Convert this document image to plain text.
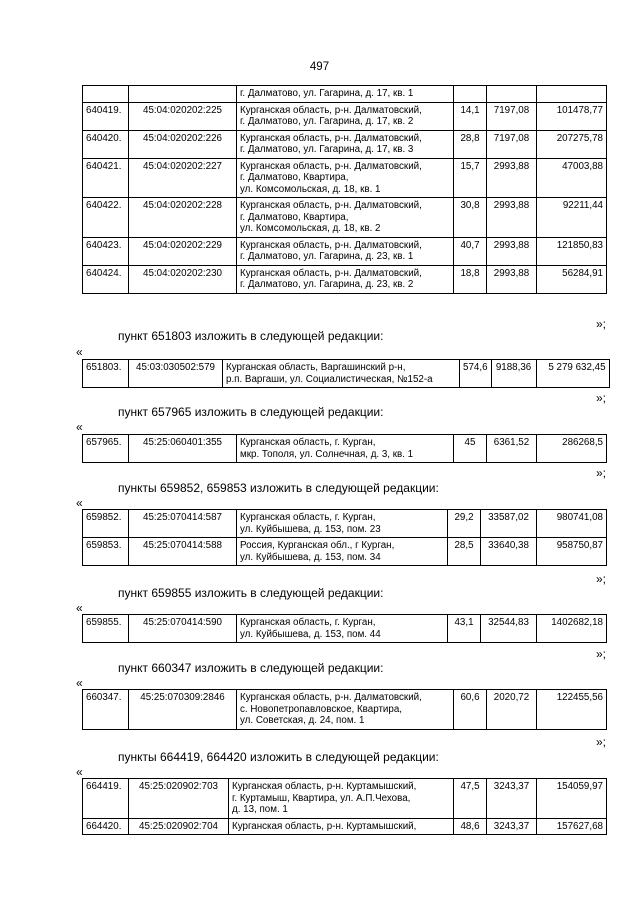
497

		г. Далматово, ул. Гагарина, д. 17, кв. 1			

640419.	45:04:020202:225	Курганская область, р-н. Далматовский,
г. Далматово, ул. Гагарина, д. 17, кв. 2	14,1	7197,08	101478,77
640420.	45:04:020202:226	Курганская область, р-н. Далматовский,
г. Далматово, ул. Гагарина, д. 17, кв. 3	28,8	7197,08	207275,78
640421.	45:04:020202:227	Курганская область, р-н. Далматовский,
г. Далматово, Квартира,
ул. Комсомольская, д. 18, кв. 1	15,7	2993,88	47003,88
640422.	45:04:020202:228	Курганская область, р-н. Далматовский,
г. Далматово, Квартира,
ул. Комсомольская, д. 18, кв. 2	30,8	2993,88	92211,44
640423.	45:04:020202:229	Курганская область, р-н. Далматовский,
г. Далматово, ул. Гагарина, д. 23, кв. 1	40,7	2993,88	121850,83
640424.	45:04:020202:230	Курганская область, р-н. Далматовский,
г. Далматово, ул. Гагарина, д. 23, кв. 2	18,8	2993,88	56284,91
»;
пункт 651803 изложить в следующей редакции:
«
651803.	45:03:030502:579	Курганская область, Варгашинский р-н,
р.п. Варгаши, ул. Социалистическая, №152-а
	574,6	9188,36	5 279 632,45
»;
пункт 657965 изложить в следующей редакции:
«
657965.	45:25:060401:355	Курганская область, г. Курган,
мкр. Тополя, ул. Солнечная, д. 3, кв. 1
	45	6361,52	286268,5
»;
пункты 659852, 659853 изложить в следующей редакции:
«
659852.	45:25:070414:587	Курганская область, г. Курган,
ул. Куйбышева, д. 153, пом. 23	29,2	33587,02	980741,08
659853.	45:25:070414:588	Россия, Курганская обл., г Курган,
ул. Куйбышева, д. 153, пом. 34	28,5	33640,38	958750,87
»;
пункт 659855 изложить в следующей редакции:
«
659855.	45:25:070414:590	Курганская область, г. Курган,
ул. Куйбышева, д. 153, пом. 44
	43,1	32544,83	1402682,18
»;
пункт 660347 изложить в следующей редакции:
«
660347.	45:25:070309:2846	Курганская область, р-н. Далматовский,
с. Новопетропавловское, Квартира,
ул. Советская, д. 24, пом. 1
	60,6	2020,72	122455,56
»;
пункты 664419, 664420 изложить в следующей редакции:
«
664419.	45:25:020902:703	Курганская область, р-н. Куртамышский,
г. Куртамыш, Квартира, ул. А.П.Чехова,
д. 13, пом. 1	47,5	3243,37	154059,97
664420.	45:25:020902:704	Курганская область, р-н. Куртамышский,	48,6	3243,37	157627,68
